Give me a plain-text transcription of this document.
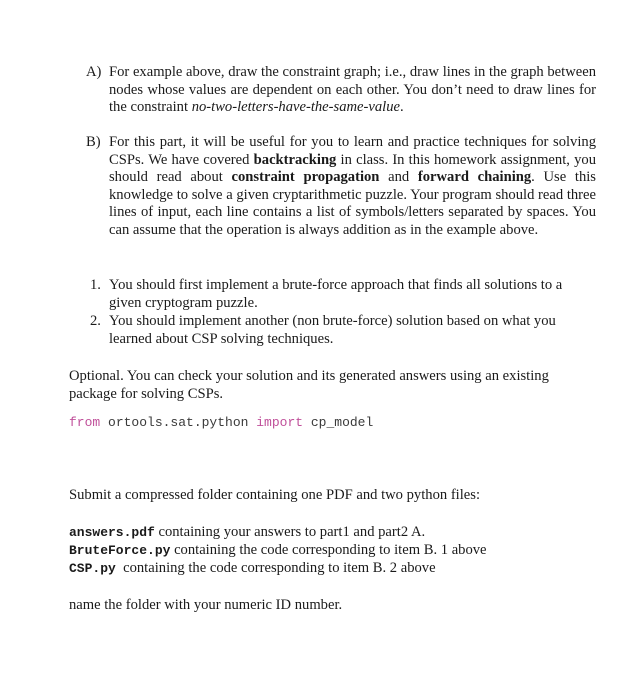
A) For example above, draw the constraint graph; i.e., draw lines in the graph between nodes whose values are dependent on each other. You don’t need to draw lines for the constraint no-two-letters-have-the-same-value.
B) For this part, it will be useful for you to learn and practice techniques for solving CSPs. We have covered backtracking in class. In this homework assignment, you should read about constraint propagation and forward chaining. Use this knowledge to solve a given cryptarithmetic puzzle. Your program should read three lines of input, each line contains a list of symbols/letters separated by spaces. You can assume that the operation is always addition as in the example above.
1. You should first implement a brute-force approach that finds all solutions to a given cryptogram puzzle.
2. You should implement another (non brute-force) solution based on what you learned about CSP solving techniques.
Optional. You can check your solution and its generated answers using an existing package for solving CSPs.
from ortools.sat.python import cp_model
Submit a compressed folder containing one PDF and two python files:
answers.pdf containing your answers to part1 and part2 A.
BruteForce.py containing the code corresponding to item B. 1 above
CSP.py  containing the code corresponding to item B. 2 above
name the folder with your numeric ID number.
